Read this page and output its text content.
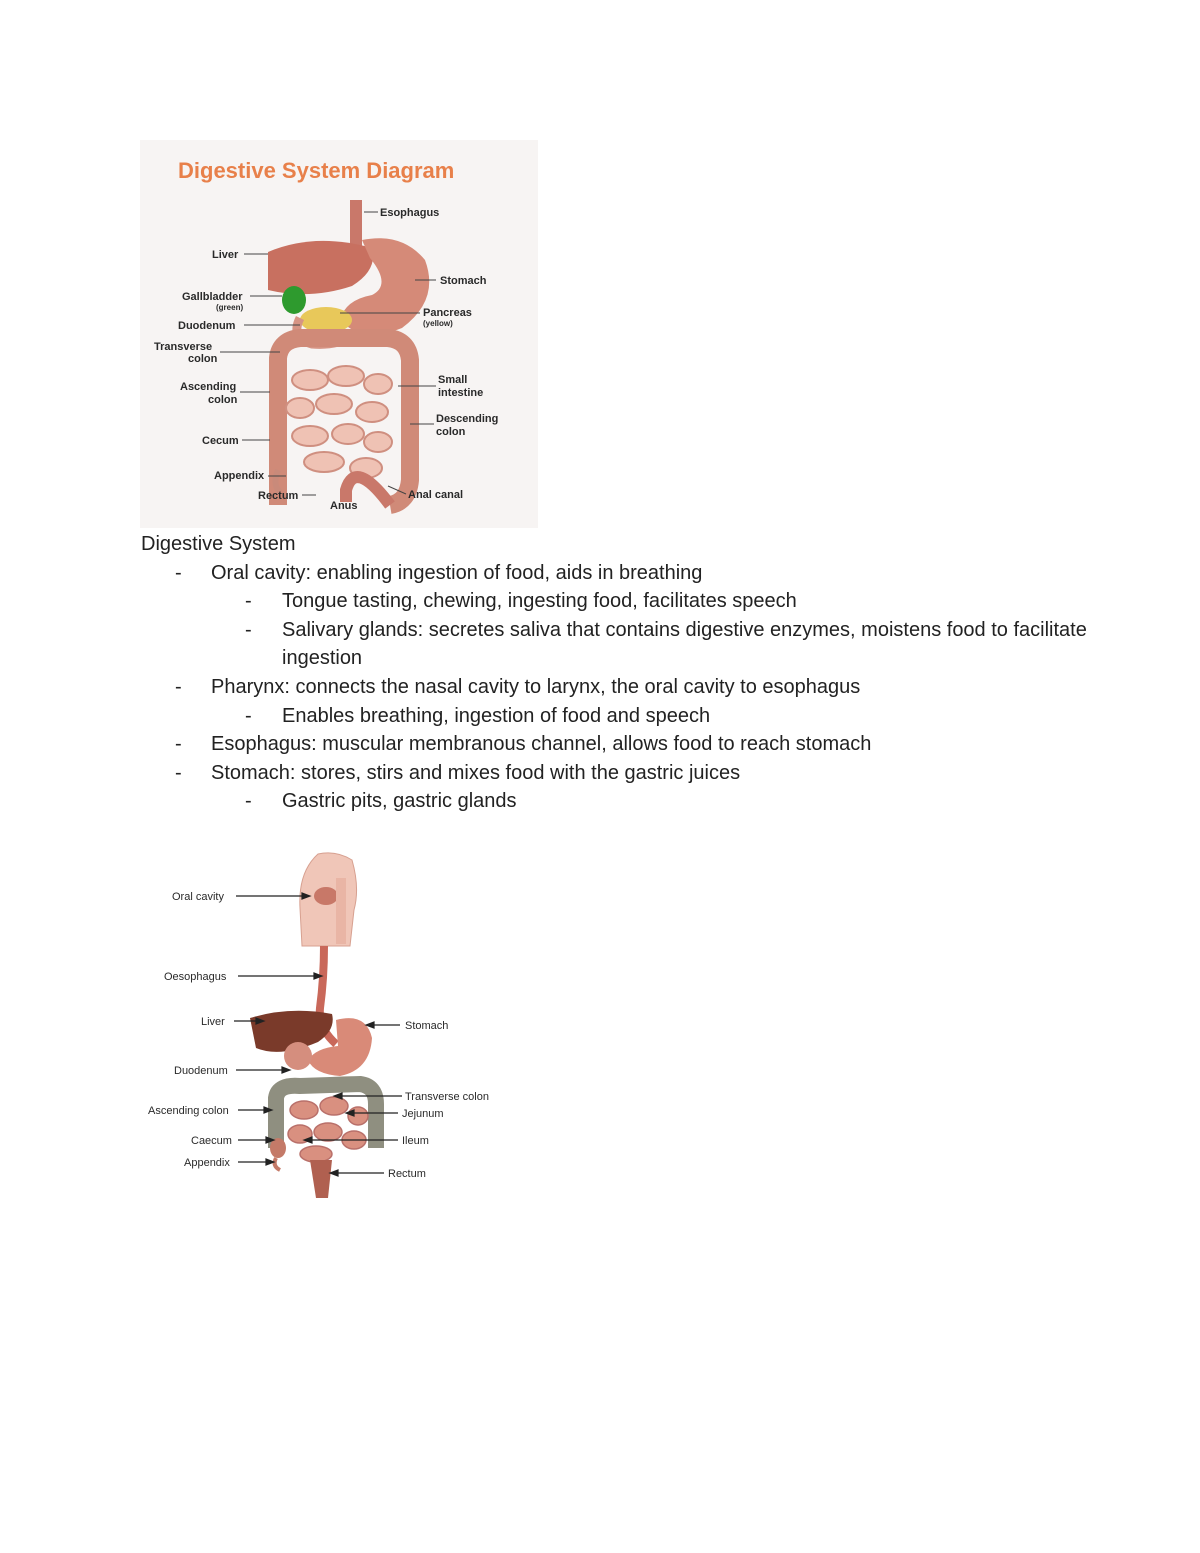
Digestive System Diagram
Esophagus
Liver
Stomach
Gallbladder
(green)	Pancreas
(yellow)
Duodenum
Transverse
colon
Small
intestine
Ascending
colon
Descending
colon
Cecum
Appendix
Rectum
Anus
Anal canal
Digestive System
- Oral cavity: enabling ingestion of food, aids in breathing
- Tongue tasting, chewing, ingesting food, facilitates speech
- Salivary glands: secretes saliva that contains digestive enzymes, moistens food to facilitate ingestion
- Pharynx: connects the nasal cavity to larynx, the oral cavity to esophagus
- Enables breathing, ingestion of food and speech
- Esophagus: muscular membranous channel, allows food to reach stomach
- Stomach: stores, stirs and mixes food with the gastric juices
- Gastric pits, gastric glands
Oral cavity
Oesophagus
Liver	Stomach
Duodenum
Transverse colon
Ascending colon	Jejunum
Caecum	Ileum
Appendix
Rectum
